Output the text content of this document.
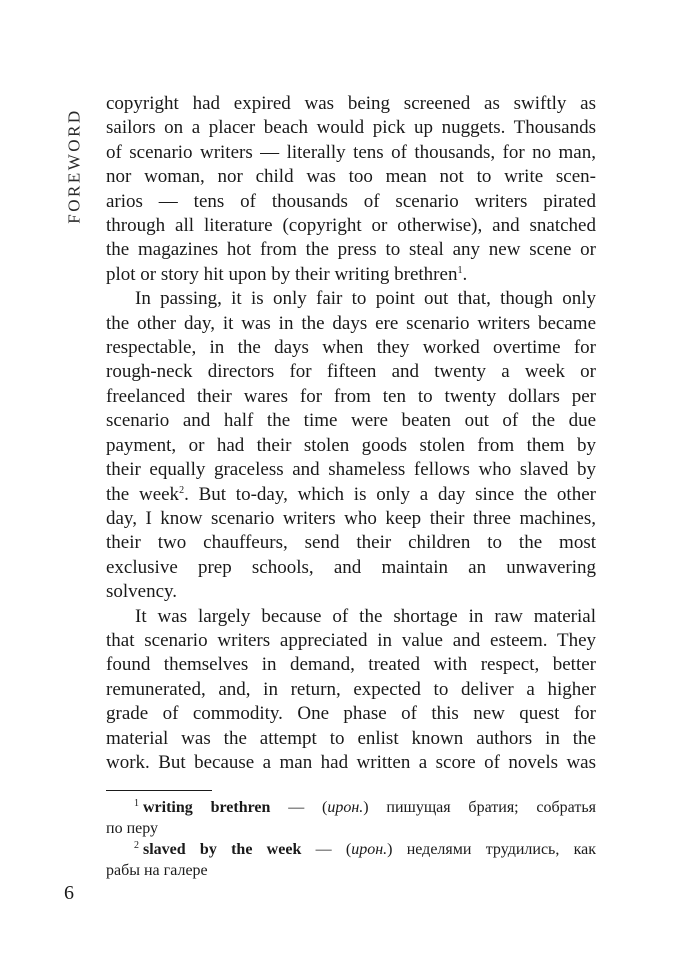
FOREWORD

copyright had expired was being screened as swiftly as
sailors on a placer beach would pick up nuggets. Thousands
of scenario writers — literally tens of thousands, for no man,
nor woman, nor child was too mean not to write scen-
arios — tens of thousands of scenario writers pirated
through all literature (copyright or otherwise), and snatched
the magazines hot from the press to steal any new scene or
plot or story hit upon by their writing brethren$^1$.

In passing, it is only fair to point out that, though only
the other day, it was in the days ere scenario writers became
respectable, in the days when they worked overtime for
rough-neck directors for fifteen and twenty a week or
freelanced their wares for from ten to twenty dollars per
scenario and half the time were beaten out of the due
payment, or had their stolen goods stolen from them by
their equally graceless and shameless fellows who slaved by
the week$^2$. But to-day, which is only a day since the other
day, I know scenario writers who keep their three machines,
their two chauffeurs, send their children to the most
exclusive prep schools, and maintain an unwavering
solvency.

It was largely because of the shortage in raw material
that scenario writers appreciated in value and esteem. They
found themselves in demand, treated with respect, better
remunerated, and, in return, expected to deliver a higher
grade of commodity. One phase of this new quest for
material was the attempt to enlist known authors in the
work. But because a man had written a score of novels was

$^1$ writing brethren — (ирон.) пишущая братия; собратья
по перу
$^2$ slaved by the week — (ирон.) неделями трудились, как
рабы на галере
6
